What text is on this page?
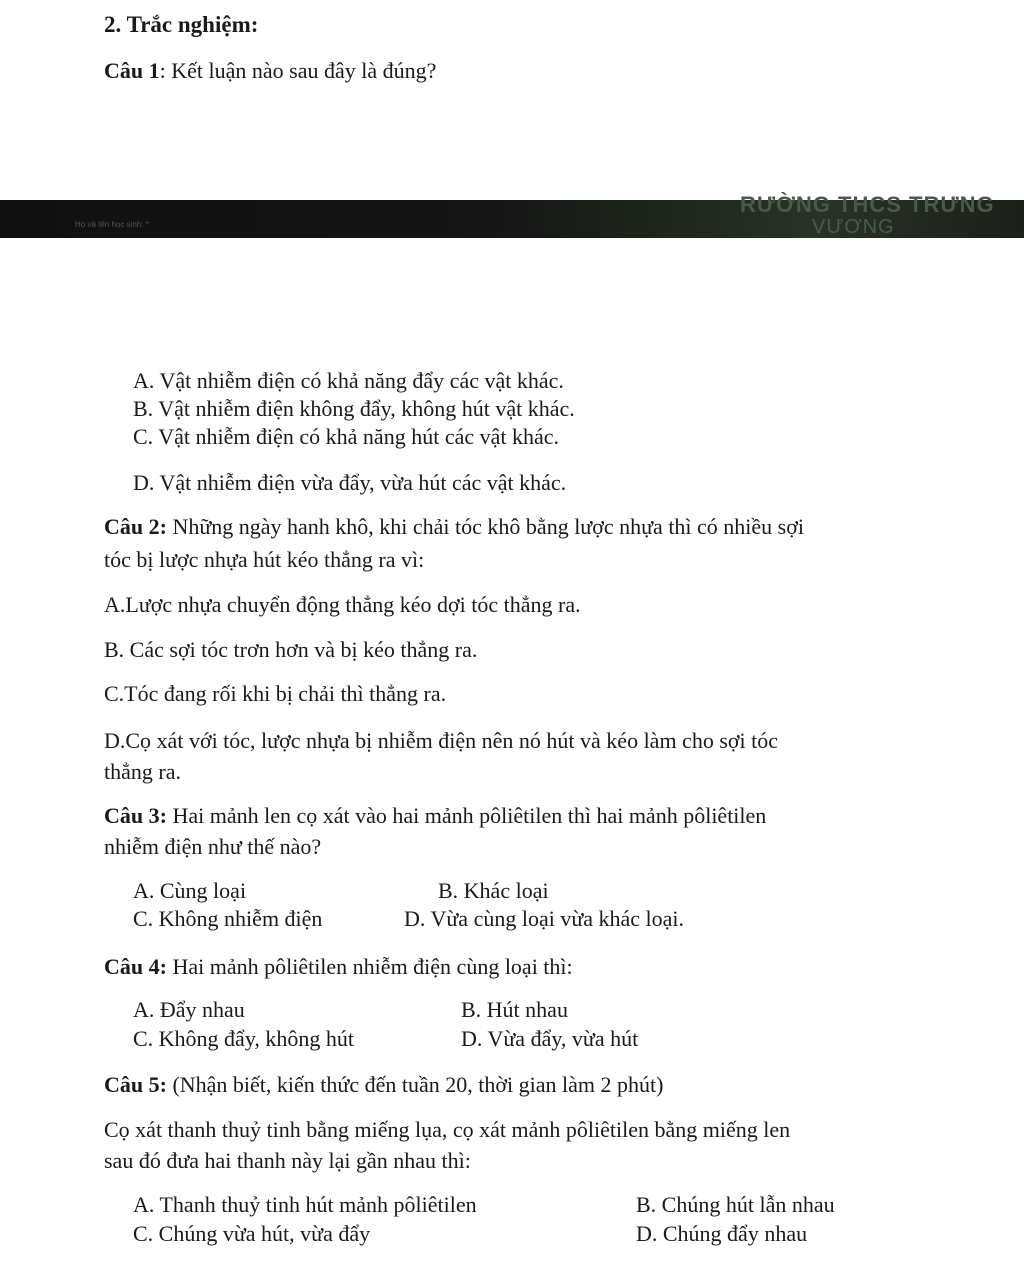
2. Trắc nghiệm:
Câu 1: Kết luận nào sau đây là đúng?
Họ và tên học sinh: *
RƯỜNG THCS TRƯNG
VƯƠNG
A. Vật nhiễm điện có khả năng đẩy các vật khác.
B. Vật nhiễm điện không đẩy, không hút vật khác.
C. Vật nhiễm điện có khả năng hút các vật khác.
D. Vật nhiễm điện vừa đẩy, vừa hút các vật khác.
Câu 2: Những ngày hanh khô, khi chải tóc khô bằng lược nhựa thì có nhiều sợi
tóc bị lược nhựa hút kéo thẳng ra vì:
A.Lược nhựa chuyển động thẳng kéo dợi tóc thẳng ra.
B. Các sợi tóc trơn hơn và bị kéo thẳng ra.
C.Tóc đang rối khi bị chải thì thẳng ra.
D.Cọ xát với tóc, lược nhựa bị nhiễm điện nên nó hút và kéo làm cho sợi tóc
thẳng ra.
Câu 3: Hai mảnh len cọ xát vào hai mảnh pôliêtilen thì hai mảnh pôliêtilen
nhiễm điện như thế nào?
A. Cùng loại	B. Khác loại
C. Không nhiễm điện	D. Vừa cùng loại vừa khác loại.
Câu 4: Hai mảnh pôliêtilen nhiễm điện cùng loại thì:
A. Đẩy nhau	B. Hút nhau
C. Không đẩy, không hút	D. Vừa đẩy, vừa hút
Câu 5: (Nhận biết, kiến thức đến tuần 20, thời gian làm 2 phút)
Cọ xát thanh thuỷ tinh bằng miếng lụa, cọ xát mảnh pôliêtilen bằng miếng len
sau đó đưa hai thanh này lại gần nhau thì:
A. Thanh thuỷ tinh hút mảnh pôliêtilen	B. Chúng hút lẫn nhau
C. Chúng vừa hút, vừa đẩy	D. Chúng đẩy nhau
